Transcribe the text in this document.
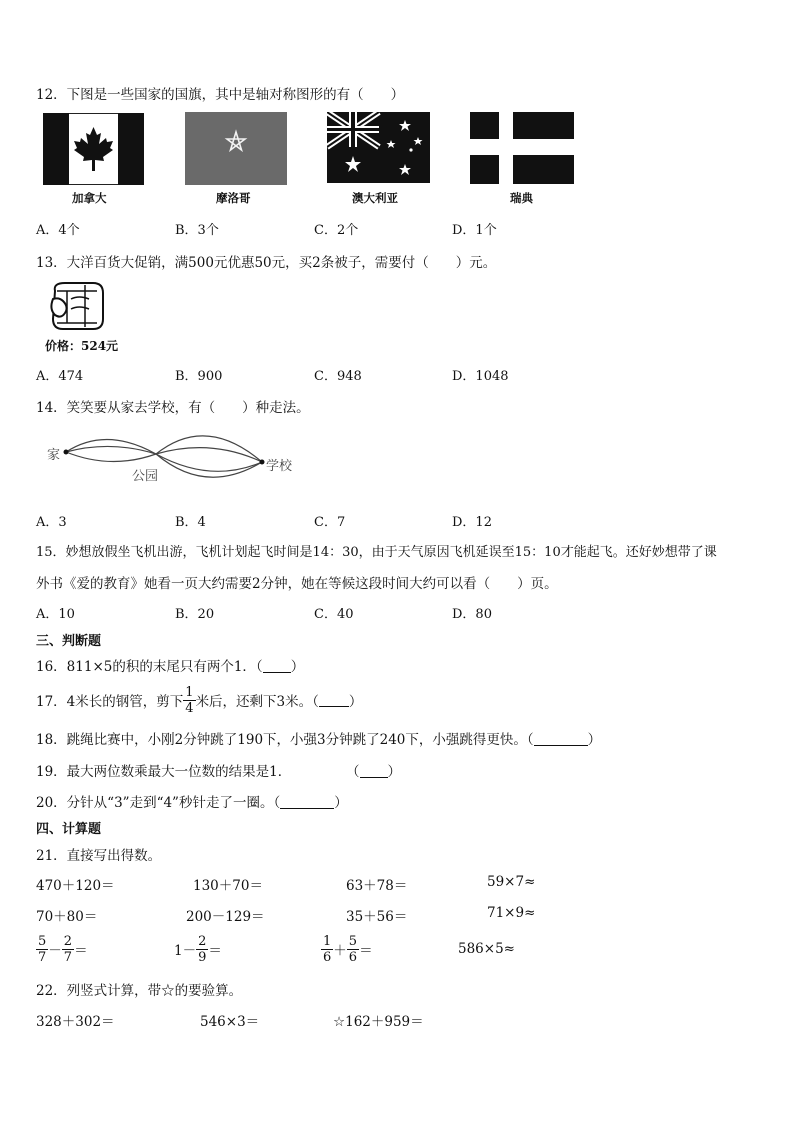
12．下图是一些国家的国旗，其中是轴对称图形的有（　　）
加拿大	摩洛哥	澳大利亚	瑞典
A．4个	B．3个	C．2个	D．1个
13．大洋百货大促销，满500元优惠50元，买2条被子，需要付（　　）元。
价格：524元
A．474	B．900	C．948	D．1048
14．笑笑要从家去学校，有（　　）种走法。
家
公园
学校
A．3	B．4	C．7	D．12
15．妙想放假坐飞机出游，飞机计划起飞时间是14：30，由于天气原因飞机延误至15：10才能起飞。还好妙想带了课
外书《爱的教育》她看一页大约需要2分钟，她在等候这段时间大约可以看（　　）页。
A．10	B．20	C．40	D．80
三、判断题
16．811×5的积的末尾只有两个1．（ ）
17．4米长的钢管，剪下 $\frac{1}{4}$ 米后，还剩下3米。（ ）
18．跳绳比赛中，小刚2分钟跳了190下，小强3分钟跳了240下，小强跳得更快。（	）
19．最大两位数乘最大一位数的结果是1．	（ ）
20．分针从“3”走到“4”秒针走了一圈。（	）
四、计算题
21．直接写出得数。
470＋120＝	130＋70＝	63＋78＝	59×7≈
70＋80＝	200－129＝	35＋56＝	71×9≈
$\frac{5}{7} - \frac{2}{7}$ ＝	$1- \frac{2}{9}$ ＝	$\frac{1}{6} + \frac{5}{6}$ ＝	586×5≈
22．列竖式计算，带☆的要验算。
328＋302＝	546×3＝	☆162＋959＝
